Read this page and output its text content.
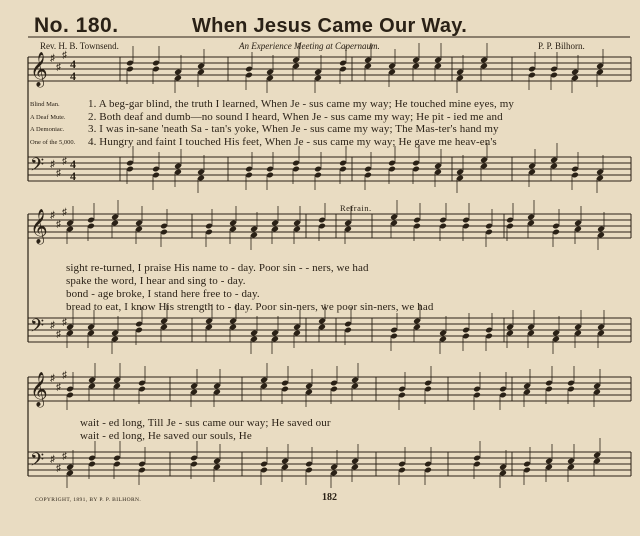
No. 180.	When Jesus Came Our Way.
Rev. H. B. Townsend.	An Experience Meeting at Capernaum.	P. P. Bilhorn.
𝄞 ♯
♯
♯
4
4
𝄢 ♯
♯
♯ 4
4
𝄞 ♯
♯
♯
𝄢 ♯
♯
♯
𝄞 ♯
♯
♯
𝄢 ♯
♯
♯
Blind Man.
A Deaf Mute.
A Demoniac.
One of the 5,000.
1. A beg-gar blind, the truth I learned, When Je - sus came my way; He touched mine eyes, my
2. Both deaf and dumb—no sound I heard, When Je - sus came my way; He pit - ied me and
3. I was in-sane 'neath Sa - tan's yoke, When Je - sus came my way; The Mas-ter's hand my
4. Hungry and faint I touched His feet, When Je - sus came my way; He gave me heav-en's
Refrain.
sight re-turned, I praise His name to - day. Poor sin - - ners, we had
spake the word, I hear and sing to - day.
bond - age broke, I stand here free to - day.
bread to eat, I know His strength to - day. Poor sin-ners, we poor sin-ners, we had
wait - ed long, Till Je - sus came our way; He saved our
wait - ed long, He saved our souls, He
COPYRIGHT, 1891, BY P. P. BILHORN.	182
